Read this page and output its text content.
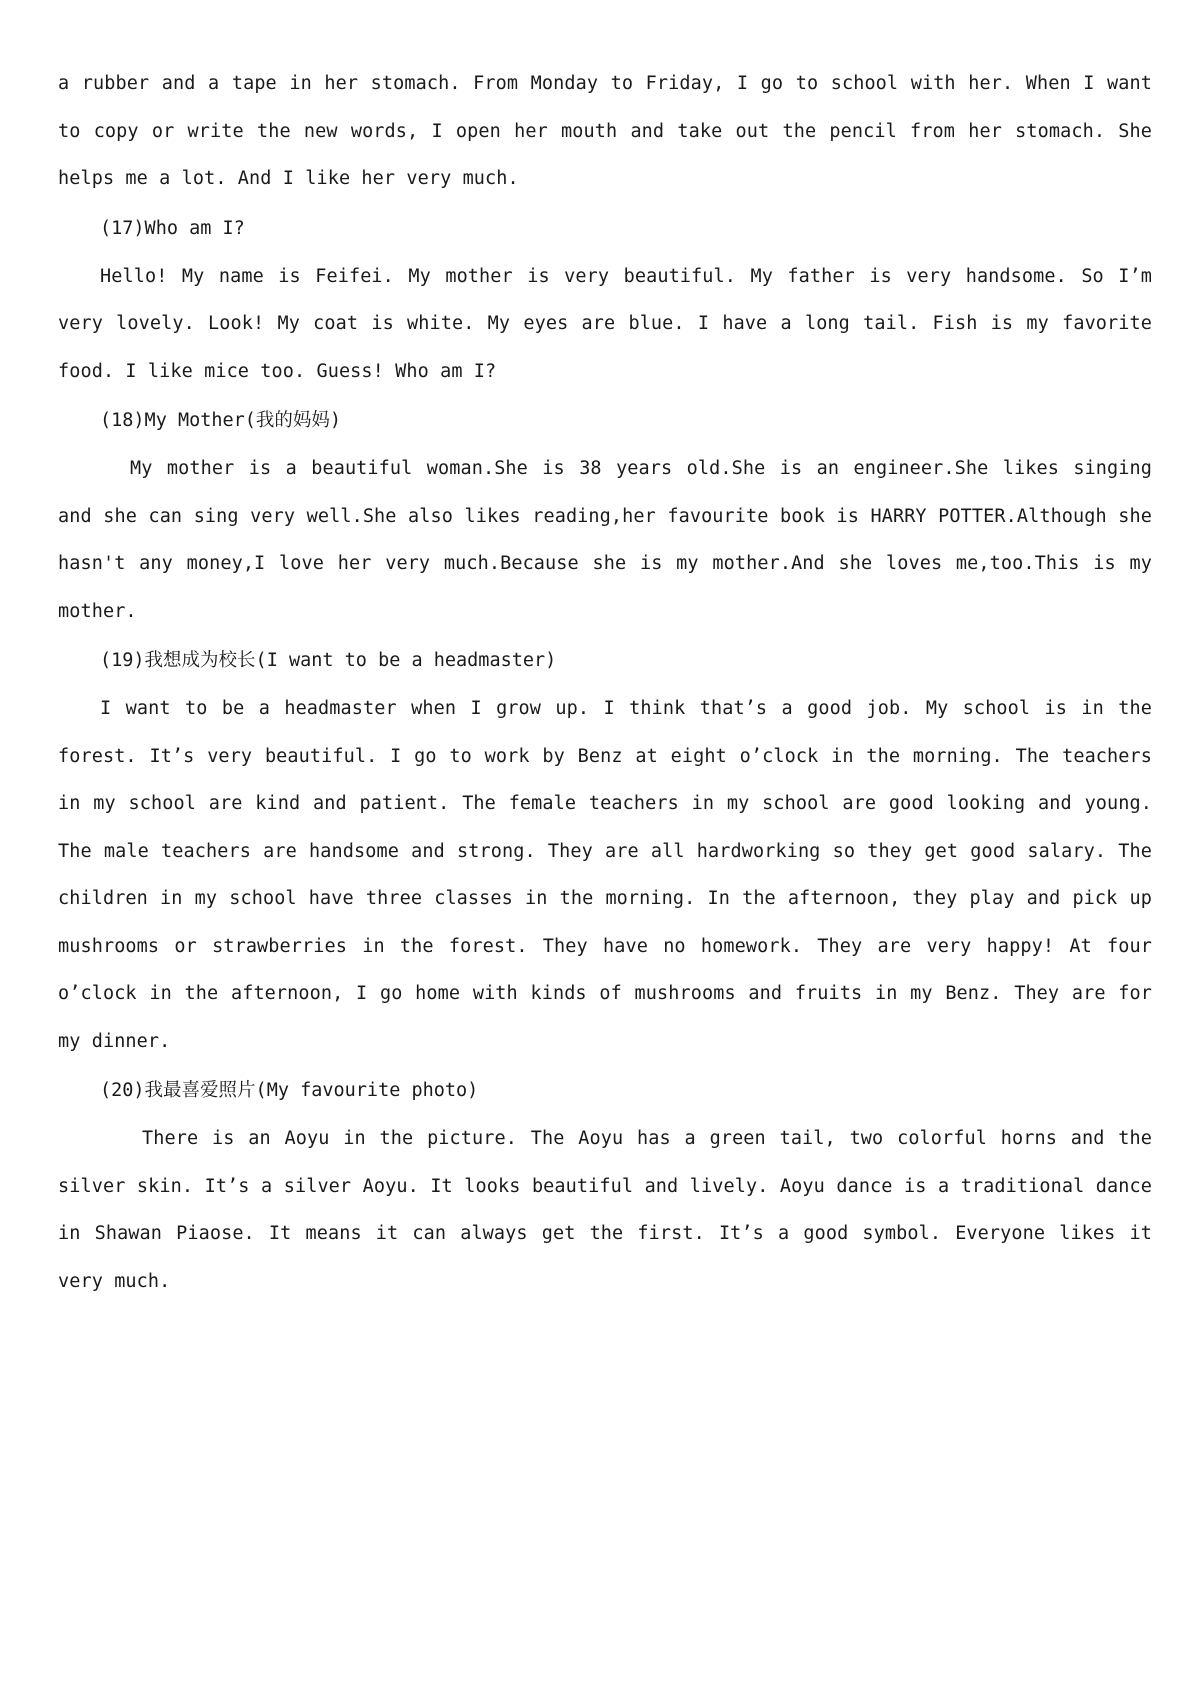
a rubber and a tape in her stomach. From Monday to Friday, I go to school with her. When I want to copy or write the new words, I open her mouth and take out the pencil from her stomach. She helps me a lot. And I like her very much.

(17)Who am I?

Hello! My name is Feifei. My mother is very beautiful. My father is very handsome. So I’m very lovely. Look! My coat is white. My eyes are blue. I have a long tail. Fish is my favorite food. I like mice too. Guess! Who am I?

(18)My Mother(我的妈妈)

My mother is a beautiful woman.She is 38 years old.She is an engineer.She likes singing and she can sing very well.She also likes reading,her favourite book is HARRY POTTER.Although she hasn't any money,I love her very much.Because she is my mother.And she loves me,too.This is my mother.

(19)我想成为校长(I want to be a headmaster)

I want to be a headmaster when I grow up. I think that’s a good job. My school is in the forest. It’s very beautiful. I go to work by Benz at eight o’clock in the morning. The teachers in my school are kind and patient. The female teachers in my school are good looking and young. The male teachers are handsome and strong. They are all hardworking so they get good salary. The children in my school have three classes in the morning. In the afternoon, they play and pick up mushrooms or strawberries in the forest. They have no homework. They are very happy! At four o’clock in the afternoon, I go home with kinds of mushrooms and fruits in my Benz. They are for my dinner.

(20)我最喜爱照片(My favourite photo)

There is an Aoyu in the picture. The Aoyu has a green tail, two colorful horns and the silver skin. It’s a silver Aoyu. It looks beautiful and lively. Aoyu dance is a traditional dance in Shawan Piaose. It means it can always get the first. It’s a good symbol. Everyone likes it very much.
